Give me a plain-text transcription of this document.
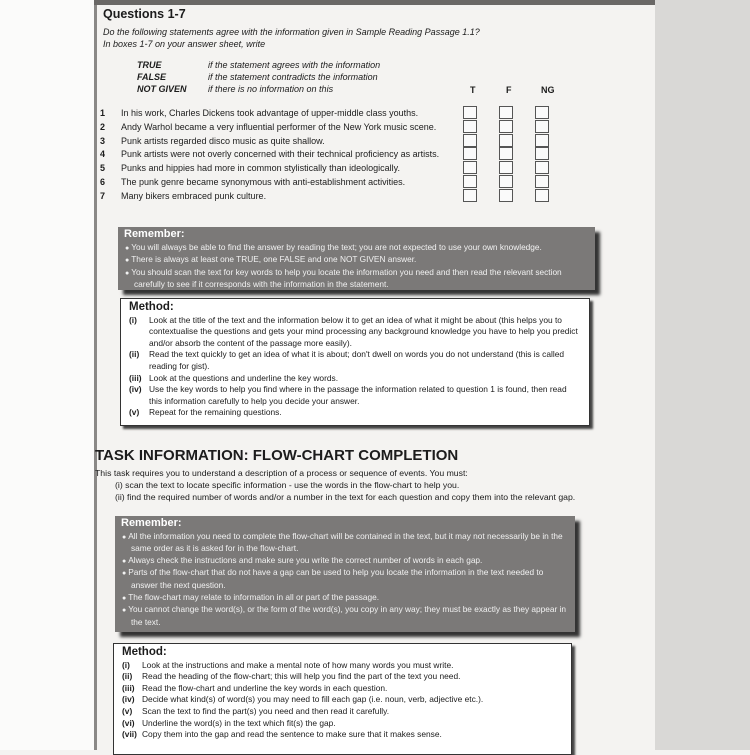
Questions 1-7
Do the following statements agree with the information given in Sample Reading Passage 1.1?
In boxes 1-7 on your answer sheet, write
TRUE	if the statement agrees with the information
FALSE	if the statement contradicts the information
NOT GIVEN if there is no information on this	T	F	NG
1 In his work, Charles Dickens took advantage of upper-middle class youths.
2 Andy Warhol became a very influential performer of the New York music scene.
3 Punk artists regarded disco music as quite shallow.
4 Punk artists were not overly concerned with their technical proficiency as artists.
5 Punks and hippies had more in common stylistically than ideologically.
6 The punk genre became synonymous with anti-establishment activities.
7 Many bikers embraced punk culture.
Remember:
● You will always be able to find the answer by reading the text; you are not expected to use your own knowledge.
● There is always at least one TRUE, one FALSE and one NOT GIVEN answer.
● You should scan the text for key words to help you locate the information you need and then read the relevant section carefully to see if it corresponds with the information in the statement.
Method:
(i)	Look at the title of the text and the information below it to get an idea of what it might be about (this helps you to contextualise the questions and gets your mind processing any background knowledge you have to help you predict and/or absorb the content of the passage more easily).
(ii)	Read the text quickly to get an idea of what it is about; don't dwell on words you do not understand (this is called reading for gist).
(iii) Look at the questions and underline the key words.
(iv) Use the key words to help you find where in the passage the information related to question 1 is found, then read this information carefully to help you decide your answer.
(v)	Repeat for the remaining questions.
TASK INFORMATION: FLOW-CHART COMPLETION
This task requires you to understand a description of a process or sequence of events. You must:
(i) scan the text to locate specific information - use the words in the flow-chart to help you.
(ii) find the required number of words and/or a number in the text for each question and copy them into the relevant gap.
Remember:
● All the information you need to complete the flow-chart will be contained in the text, but it may not necessarily be in the same order as it is asked for in the flow-chart.
● Always check the instructions and make sure you write the correct number of words in each gap.
● Parts of the flow-chart that do not have a gap can be used to help you locate the information in the text needed to answer the next question.
● The flow-chart may relate to information in all or part of the passage.
● You cannot change the word(s), or the form of the word(s), you copy in any way; they must be exactly as they appear in the text.
Method:
(i)	Look at the instructions and make a mental note of how many words you must write.
(ii)	Read the heading of the flow-chart; this will help you find the part of the text you need.
(iii) Read the flow-chart and underline the key words in each question.
(iv) Decide what kind(s) of word(s) you may need to fill each gap (i.e. noun, verb, adjective etc.).
(v)	Scan the text to find the part(s) you need and then read it carefully.
(vi) Underline the word(s) in the text which fit(s) the gap.
(vii) Copy them into the gap and read the sentence to make sure that it makes sense.
